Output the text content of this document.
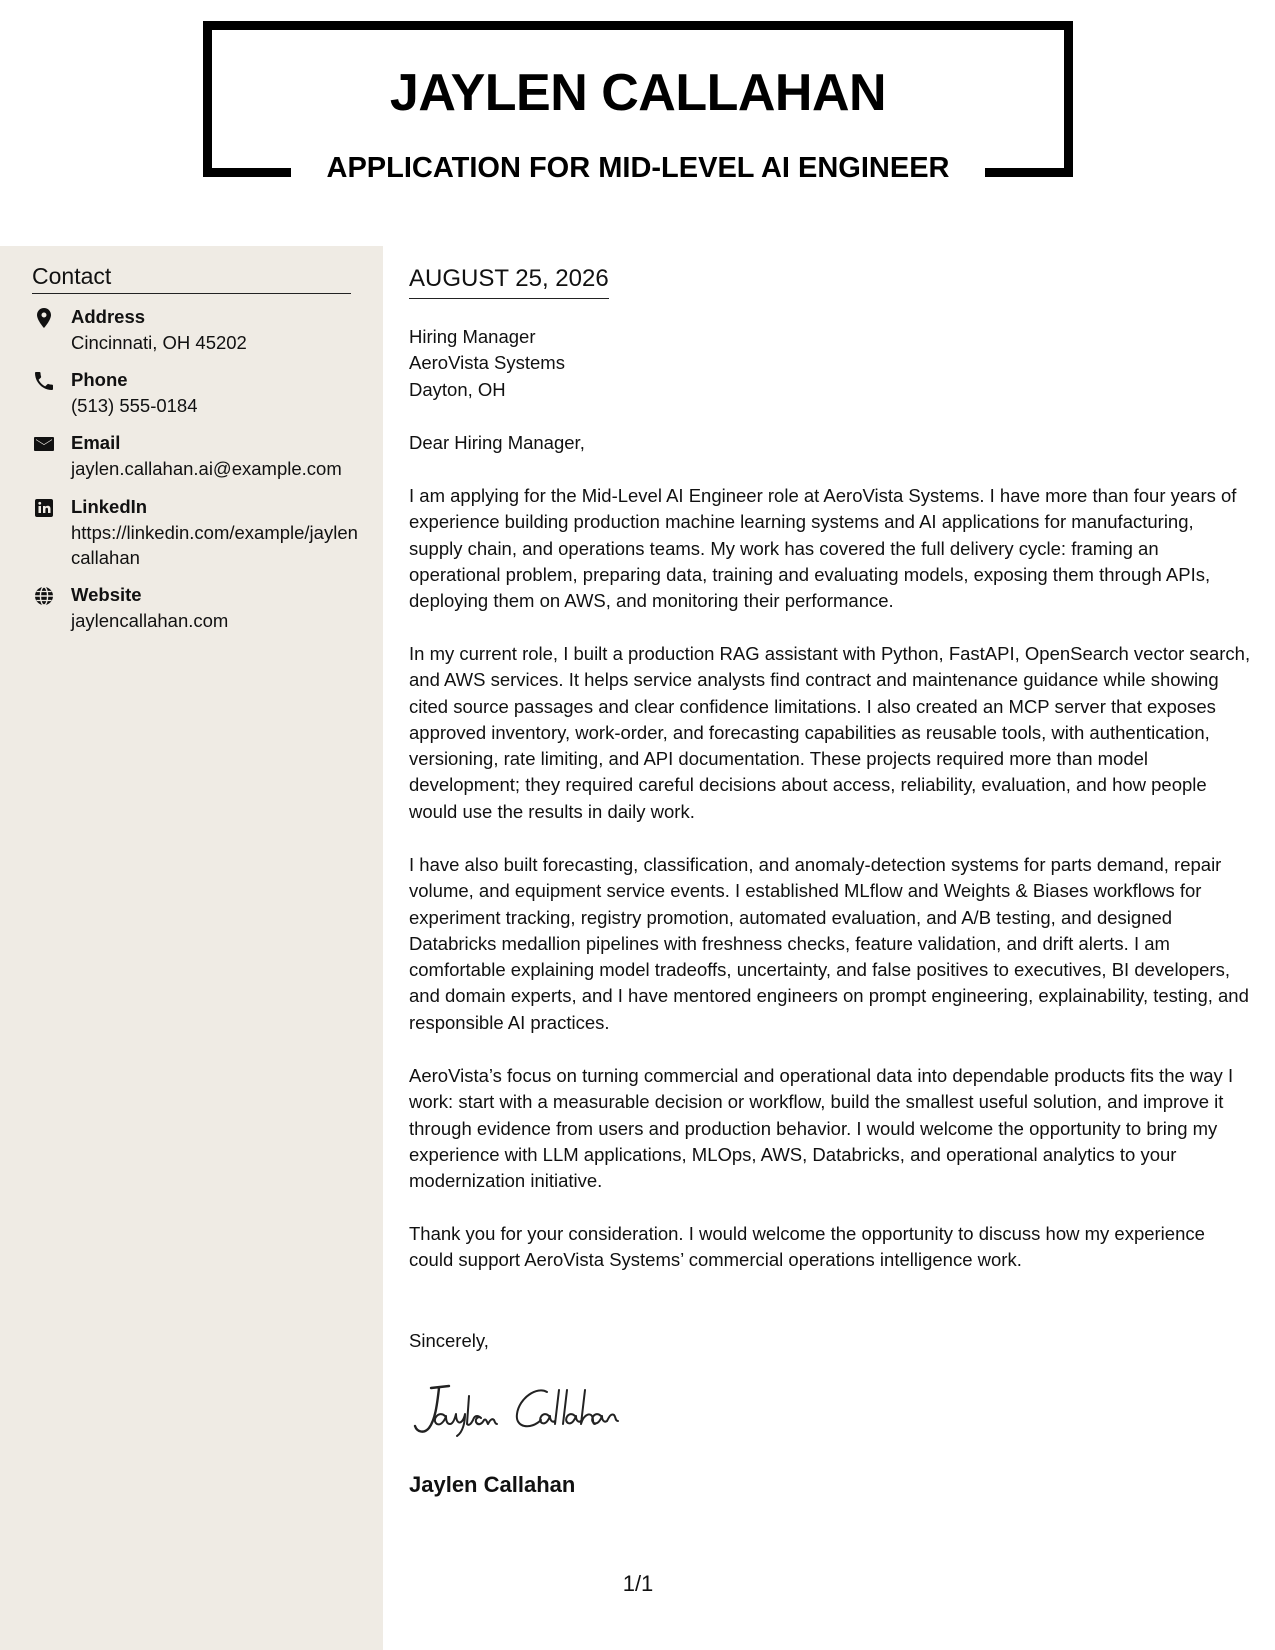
JAYLEN CALLAHAN
APPLICATION FOR MID-LEVEL AI ENGINEER
Contact
Address
Cincinnati, OH 45202
Phone
(513) 555-0184
Email
jaylen.callahan.ai@example.com
LinkedIn
https://linkedin.com/example/jaylencallahan
Website
jaylencallahan.com
AUGUST 25, 2026
Hiring Manager
AeroVista Systems
Dayton, OH
Dear Hiring Manager,

I am applying for the Mid-Level AI Engineer role at AeroVista Systems. I have more than four years of experience building production machine learning systems and AI applications for manufacturing, supply chain, and operations teams. My work has covered the full delivery cycle: framing an operational problem, preparing data, training and evaluating models, exposing them through APIs, deploying them on AWS, and monitoring their performance.

In my current role, I built a production RAG assistant with Python, FastAPI, OpenSearch vector search, and AWS services. It helps service analysts find contract and maintenance guidance while showing cited source passages and clear confidence limitations. I also created an MCP server that exposes approved inventory, work-order, and forecasting capabilities as reusable tools, with authentication, versioning, rate limiting, and API documentation. These projects required more than model development; they required careful decisions about access, reliability, evaluation, and how people would use the results in daily work.

I have also built forecasting, classification, and anomaly-detection systems for parts demand, repair volume, and equipment service events. I established MLflow and Weights & Biases workflows for experiment tracking, registry promotion, automated evaluation, and A/B testing, and designed Databricks medallion pipelines with freshness checks, feature validation, and drift alerts. I am comfortable explaining model tradeoffs, uncertainty, and false positives to executives, BI developers, and domain experts, and I have mentored engineers on prompt engineering, explainability, testing, and responsible AI practices.

AeroVista’s focus on turning commercial and operational data into dependable products fits the way I work: start with a measurable decision or workflow, build the smallest useful solution, and improve it through evidence from users and production behavior. I would welcome the opportunity to bring my experience with LLM applications, MLOps, AWS, Databricks, and operational analytics to your modernization initiative.

Thank you for your consideration. I would welcome the opportunity to discuss how my experience could support AeroVista Systems’ commercial operations intelligence work.

Sincerely,
Jaylen Callahan
1/1
